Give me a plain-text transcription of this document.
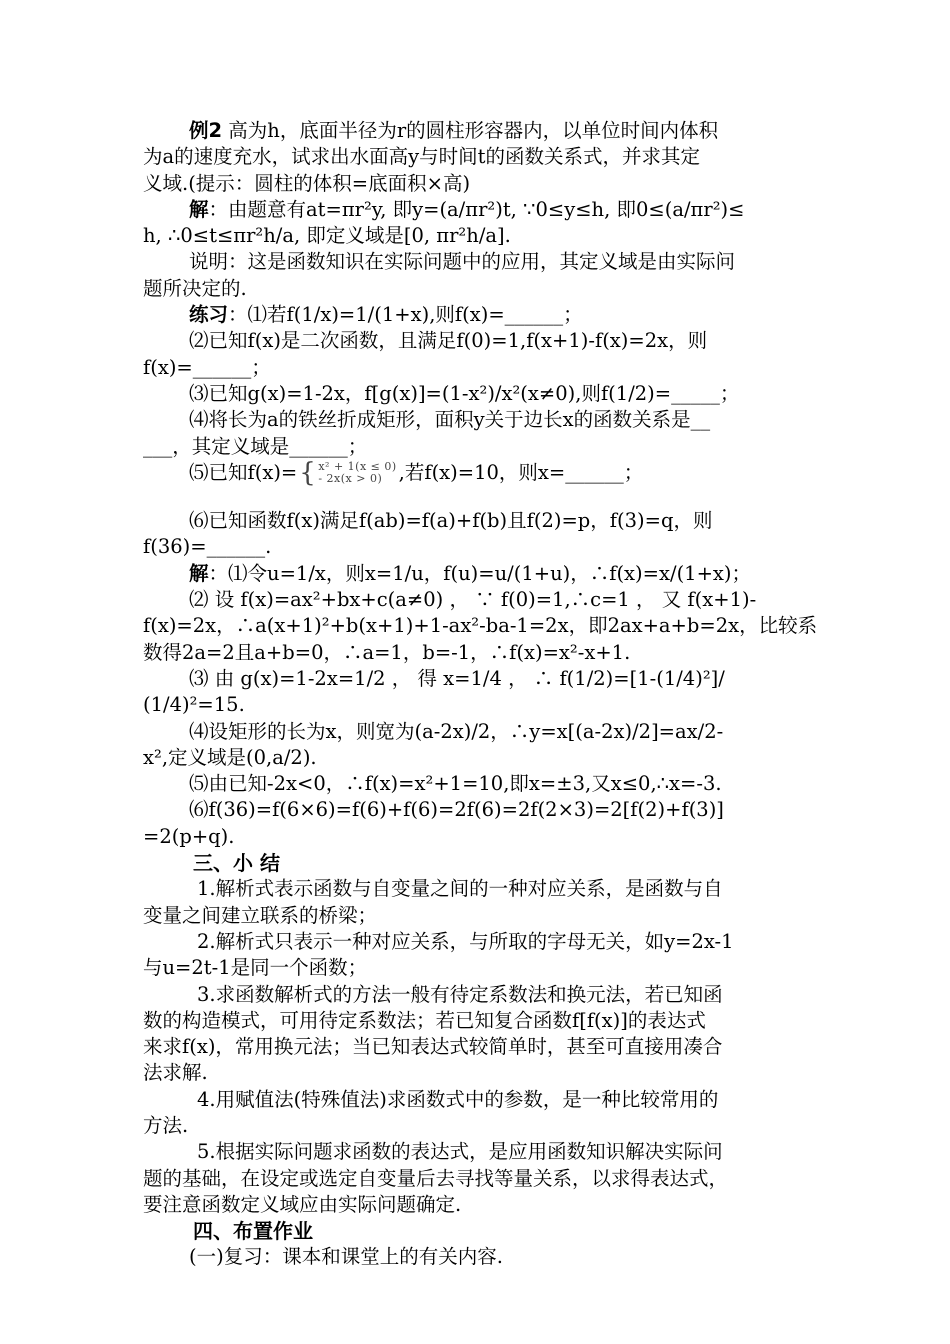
例2 高为h，底面半径为r的圆柱形容器内，以单位时间内体积
为a的速度充水，试求出水面高y与时间t的函数关系式，并求其定
义域.(提示：圆柱的体积=底面积×高)
解：由题意有at=πr²y, 即y=(a/πr²)t, ∵0≤y≤h, 即0≤(a/πr²)≤
h, ∴0≤t≤πr²h/a, 即定义域是[0, πr²h/a].
说明：这是函数知识在实际问题中的应用，其定义域是由实际问
题所决定的.
练习：⑴若f(1/x)=1/(1+x),则f(x)=______；
⑵已知f(x)是二次函数，且满足f(0)=1,f(x+1)-f(x)=2x，则
f(x)=______；
⑶已知g(x)=1-2x，f[g(x)]=(1-x²)/x²(x≠0),则f(1/2)=_____；
⑷将长为a的铁丝折成矩形，面积y关于边长x的函数关系是__
___，其定义域是______；
⑸已知f(x)={ x² + 1(x ≤ 0)
- 2x(x > 0) ,若f(x)=10，则x=______；
⑹已知函数f(x)满足f(ab)=f(a)+f(b)且f(2)=p，f(3)=q，则
f(36)=______.
解：⑴令u=1/x，则x=1/u，f(u)=u/(1+u)，∴f(x)=x/(1+x)；
⑵ 设 f(x)=ax²+bx+c(a≠0) ， ∵ f(0)=1,∴c=1 ， 又 f(x+1)-
f(x)=2x，∴a(x+1)²+b(x+1)+1-ax²-ba-1=2x，即2ax+a+b=2x，比较系
数得2a=2且a+b=0，∴a=1，b=-1，∴f(x)=x²-x+1.
⑶ 由 g(x)=1-2x=1/2 ， 得 x=1/4 ， ∴ f(1/2)=[1-(1/4)²]/
(1/4)²=15.
⑷设矩形的长为x，则宽为(a-2x)/2，∴y=x[(a-2x)/2]=ax/2-
x²,定义域是(0,a/2).
⑸由已知-2x<0，∴f(x)=x²+1=10,即x=±3,又x≤0,∴x=-3.
⑹f(36)=f(6×6)=f(6)+f(6)=2f(6)=2f(2×3)=2[f(2)+f(3)]
=2(p+q).
三、小 结
1.解析式表示函数与自变量之间的一种对应关系，是函数与自
变量之间建立联系的桥梁；
2.解析式只表示一种对应关系，与所取的字母无关，如y=2x-1
与u=2t-1是同一个函数；
3.求函数解析式的方法一般有待定系数法和换元法，若已知函
数的构造模式，可用待定系数法；若已知复合函数f[f(x)]的表达式
来求f(x)，常用换元法；当已知表达式较简单时，甚至可直接用凑合
法求解.
4.用赋值法(特殊值法)求函数式中的参数，是一种比较常用的
方法.
5.根据实际问题求函数的表达式，是应用函数知识解决实际问
题的基础，在设定或选定自变量后去寻找等量关系，以求得表达式，
要注意函数定义域应由实际问题确定.
四、布置作业
(一)复习：课本和课堂上的有关内容.
